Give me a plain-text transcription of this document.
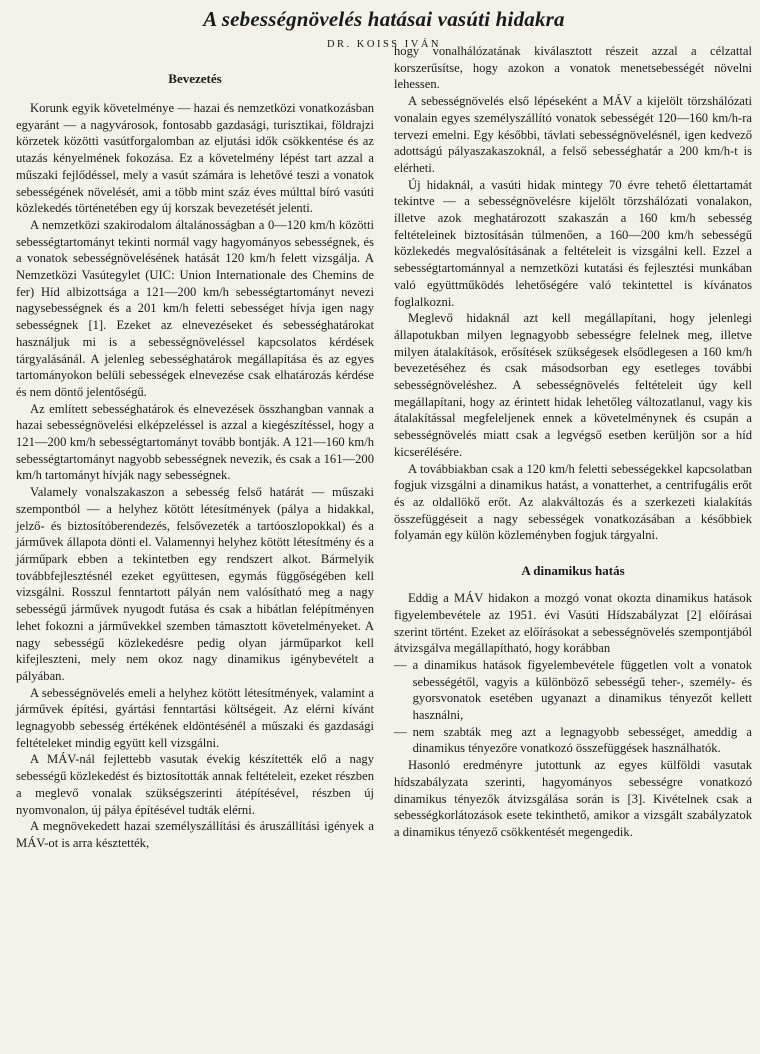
A sebességnövelés hatásai vasúti hidakra
DR. KOISS IVÁN
Bevezetés

Korunk egyik követelménye — hazai és nemzetközi vonatkozásban egyaránt — a nagyvárosok, fontosabb gazdasági, turisztikai, földrajzi körzetek közötti vasútforgalomban az eljutási idők csökkentése és az utazás kényelmének fokozása. Ez a követelmény lépést tart azzal a műszaki fejlődéssel, mely a vasút számára is lehetővé teszi a vonatok sebességének növelését, ami a több mint száz éves múlttal bíró vasúti közlekedés történetében egy új korszak bevezetését jelenti.

A nemzetközi szakirodalom általánosságban a 0—120 km/h közötti sebességtartományt tekinti normál vagy hagyományos sebességnek, és a vonatok sebességnövelésének hatását 120 km/h felett vizsgálja. A Nemzetközi Vasútegylet (UIC: Union Internationale des Chemins de fer) Híd albizottsága a 121—200 km/h sebességtartományt nevezi nagysebességnek és a 201 km/h feletti sebességet hívja igen nagy sebességnek [1]. Ezeket az elnevezéseket és sebességhatárokat használjuk mi is a sebességnöveléssel kapcsolatos kérdések tárgyalásánál. A jelenleg sebességhatárok megállapítása és az egyes tartományokon belüli sebességek elnevezése csak elhatározás kérdése és nem döntő jelentőségű.

Az említett sebességhatárok és elnevezések összhangban vannak a hazai sebességnövelési elképzeléssel is azzal a kiegészítéssel, hogy a 121—200 km/h sebességtartományt tovább bontják. A 121—160 km/h sebességtartományt nagyobb sebességnek nevezik, és csak a 161—200 km/h tartományt hívják nagy sebességnek.

Valamely vonalszakaszon a sebesség felső határát — műszaki szempontból — a helyhez kötött létesítmények (pálya a hidakkal, jelző- és biztosítóberendezés, felsővezeték a tartóoszlopokkal) és a járművek állapota dönti el. Valamennyi helyhez kötött létesítmény és a járműpark ebben a tekintetben egy rendszert alkot. Bármelyik továbbfejlesztésnél ezeket együttesen, egymás függőségében kell vizsgálni. Rosszul fenntartott pályán nem valósítható meg a nagy sebességű járművek nyugodt futása és csak a hibátlan felépítményen lehet fokozni a járművekkel szemben támasztott követelményeket. A nagy sebességű közlekedésre pedig olyan járműparkot kell kifejleszteni, mely nem okoz nagy dinamikus igénybevételt a pályában.

A sebességnövelés emeli a helyhez kötött létesítmények, valamint a járművek építési, gyártási fenntartási költségeit. Az elérni kívánt legnagyobb sebesség értékének eldöntésénél a műszaki és gazdasági feltételeket mindig együtt kell vizsgálni.

A MÁV-nál fejlettebb vasutak évekig készítették elő a nagy sebességű közlekedést és biztosították annak feltételeit, ezeket részben a meglevő vonalak szükségszerinti átépítésével, részben új nyomvonalon, új pálya építésével tudták elérni.

A megnövekedett hazai személyszállítási és áruszállítási igények a MÁV-ot is arra késztették,

hogy vonalhálózatának kiválasztott részeit azzal a célzattal korszerűsítse, hogy azokon a vonatok menetsebességét növelni lehessen.

A sebességnövelés első lépéseként a MÁV a kijelölt törzshálózati vonalain egyes személyszállító vonatok sebességét 120—160 km/h-ra tervezi emelni. Egy későbbi, távlati sebességnövelésnél, igen kedvező adottságú pályaszakaszoknál, a felső sebességhatár a 200 km/h-t is elérheti.

Új hidaknál, a vasúti hidak mintegy 70 évre tehető élettartamát tekintve — a sebességnövelésre kijelölt törzshálózati vonalakon, illetve azok meghatározott szakaszán a 160 km/h sebesség feltételeinek biztosításán túlmenően, a 160—200 km/h sebességű közlekedés megvalósításának a feltételeit is vizsgálni kell. Ezzel a sebességtartománnyal a nemzetközi kutatási és fejlesztési munkában való együttműködés lehetőségére való tekintettel is kívánatos foglalkozni.

Meglevő hidaknál azt kell megállapítani, hogy jelenlegi állapotukban milyen legnagyobb sebességre felelnek meg, illetve milyen átalakítások, erősítések szükségesek elsődlegesen a 160 km/h bevezetéséhez és csak másodsorban egy esetleges további sebességnöveléshez. A sebességnövelés feltételeit úgy kell megállapítani, hogy az érintett hidak lehetőleg változatlanul, vagy kis átalakítással megfeleljenek ennek a követelménynek és csupán a sebességnövelés miatt csak a legvégső esetben kerüljön sor a híd kicserélésére.

A továbbiakban csak a 120 km/h feletti sebességekkel kapcsolatban fogjuk vizsgálni a dinamikus hatást, a vonatterhet, a centrifugális erőt és az oldallökő erőt. Az alakváltozás és a szerkezeti kialakítás összefüggéseit a nagy sebességek vonatkozásában a későbbiek folyamán egy külön közleményben fogjuk tárgyalni.

A dinamikus hatás

Eddig a MÁV hidakon a mozgó vonat okozta dinamikus hatások figyelembevétele az 1951. évi Vasúti Hídszabályzat [2] előírásai szerint történt. Ezeket az előírásokat a sebességnövelés szempontjából átvizsgálva megállapítható, hogy korábban

— a dinamikus hatások figyelembevétele független volt a vonatok sebességétől, vagyis a különböző sebességű teher-, személy- és gyorsvonatok esetében ugyanazt a dinamikus tényezőt kellett használni,
— nem szabták meg azt a legnagyobb sebességet, ameddig a dinamikus tényezőre vonatkozó összefüggések használhatók.

Hasonló eredményre jutottunk az egyes külföldi vasutak hídszabályzata szerinti, hagyományos sebességre vonatkozó dinamikus tényezők átvizsgálása során is [3]. Kivételnek csak a sebességkorlátozások esete tekinthető, amikor a vizsgált szabályzatok a dinamikus tényező csökkentését megengedik.
